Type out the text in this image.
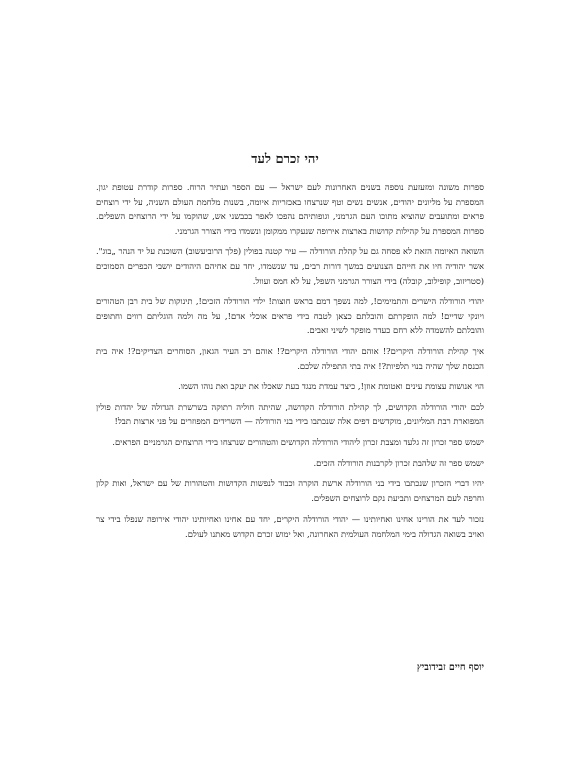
יהי זכרם לעד

ספרות משונה ומזעזעת נוספה בשנים האחרונות לעם ישראל — עם הספר ועתיר הרוח. ספרות קודרת עטופת יגון. המספרת על מליונים יהודים, אנשים נשים וטף שנרצחו באכזריות איומה, בשנות מלחמת העולם השניה, על ידי רוצחים פראים ומתועבים שהוציא מתוכו העם הגרמני, וגופותיהם נהפכו לאפר בכבשני אש, שהוקמו על ידי הרוצחים השפלים. ספרות המספרת על קהילות קדושות בארצות אירופה שנעקרו ממקומן ונשמדו בידי הצורר הגרמני.

השואה האיומה הזאת לא פסחה גם על קהלת הורודלה — עיר קטנה בפולין (פלך הרוביעשוב) השוכנת על יד הנהר „בוג". אשר יהודיה חיו את חייהם הצנועים במשך דורות רבים, עד שנשמדו, יחד עם אחיהם היהודים יושבי הכפרים הסמוכים (סטריזוב, קופילוב, קובלה) בידי הצורר הגרמני השפל, על לא חמס ועוול.

יהודי הורודלה הישרים והתמימים!, למה נשפך דמם בראש חוצות! ילדי הורודלה הזכים!, תינוקות של בית רבן הטהורים ויונקי שדיים! למה הופקרתם והובלתם כצאן לטבח בידי פראים אוכלי אדם!, על מה ולמה הוגליתם רווים וחתופים והובלתם להשמדה ללא רחם כעדר מופקר לשיני זאבים.

איך קהילת הורודלה היקרים?! אוהם יהודי הורודלה היקרים?! אוהם רב העיר הגאון, הסוחרים הצדיקים?! איה בית הכנסת שלך שהיה בנוי תלפיות?! איה בתי התפילה שלכם.

הוי אנושות עצומת עינים ואטומת אוזן!, כיצד עמדת מנגד בעת שאכלו את יעקב ואת נוהו השמו.

לכם יהודי הורודלה הקדושים, לך קהילת הורודלה הקדושה, שהיתה חוליה רתוקה בשרשרת הגדולה של יהדות פולין המפוארת רבת המליונים, מוקדשים דפים אלה שנכתבו בידי בני הורודלה — השרידים המפוזרים על פני ארצות תבל!

ישמש ספר זכרון זה גלעד ומצבת זכרון ליהודי הורודלה הקדושים והטהורים שנרצחו בידי הרוצחים הגרמניים הפראים.

ישמש ספר זה שלהבת זכרון לקרבנות הורודלה הזכים.

יהיו דברי הזכרון שנכתבו בידי בני הורודלה ארשת הוקרה וכבוד לנפשות הקדושות והטהורות של עם ישראל, ואות קלון וחרפה לעם המרצחים ותביעת נקם לרוצחים השפלים.

נזכור לעד את הורינו אחינו ואחיותינו — יהודי הורודלה היקרים, יחד עם אחינו ואחיותינו יהודי אירופה שנפלו בידי צר ואויב בשואה הגדולה בימי המלחמה העולמית האחרונה, ואל ימוש זכרם הקדוש מאתנו לעולם.

יוסף חיים זבידוביץ
